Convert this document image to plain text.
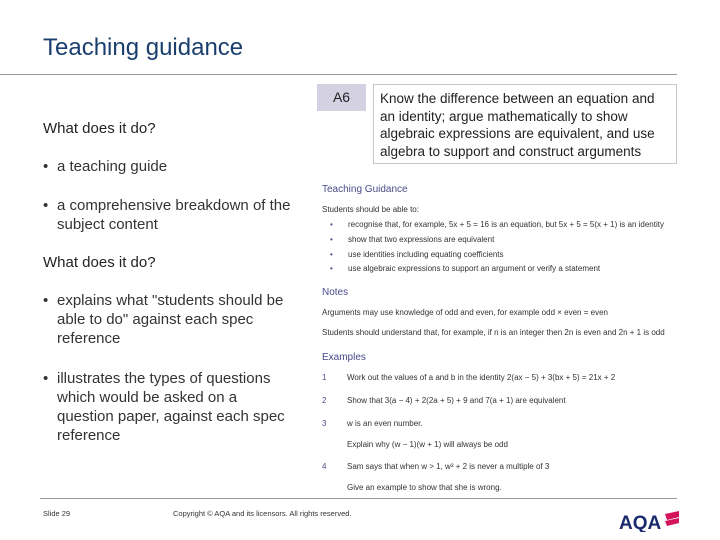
Teaching guidance
What does it do?
• a teaching guide
• a comprehensive breakdown of the subject content
What does it do?
• explains what "students should be able to do" against each spec reference
• illustrates the types of questions which would be asked on a question paper, against each spec reference
A6	Know the difference between an equation and an identity; argue mathematically to show algebraic expressions are equivalent, and use algebra to support and construct arguments
Teaching Guidance
Students should be able to:
• recognise that, for example, 5x + 5 = 16 is an equation, but 5x + 5 = 5(x + 1) is an identity
• show that two expressions are equivalent
• use identities including equating coefficients
• use algebraic expressions to support an argument or verify a statement
Notes
Arguments may use knowledge of odd and even, for example odd × even = even
Students should understand that, for example, if n is an integer then 2n is even and 2n + 1 is odd
Examples
1	Work out the values of a and b in the identity 2(ax − 5) + 3(bx + 5) = 21x + 2
2	Show that 3(a − 4) + 2(2a + 5) + 9 and 7(a + 1) are equivalent
3	w is an even number.
Explain why (w − 1)(w + 1) will always be odd
4	Sam says that when w > 1, w² + 2 is never a multiple of 3
Give an example to show that she is wrong.
Slide 29	Copyright © AQA and its licensors. All rights reserved.	AQA
